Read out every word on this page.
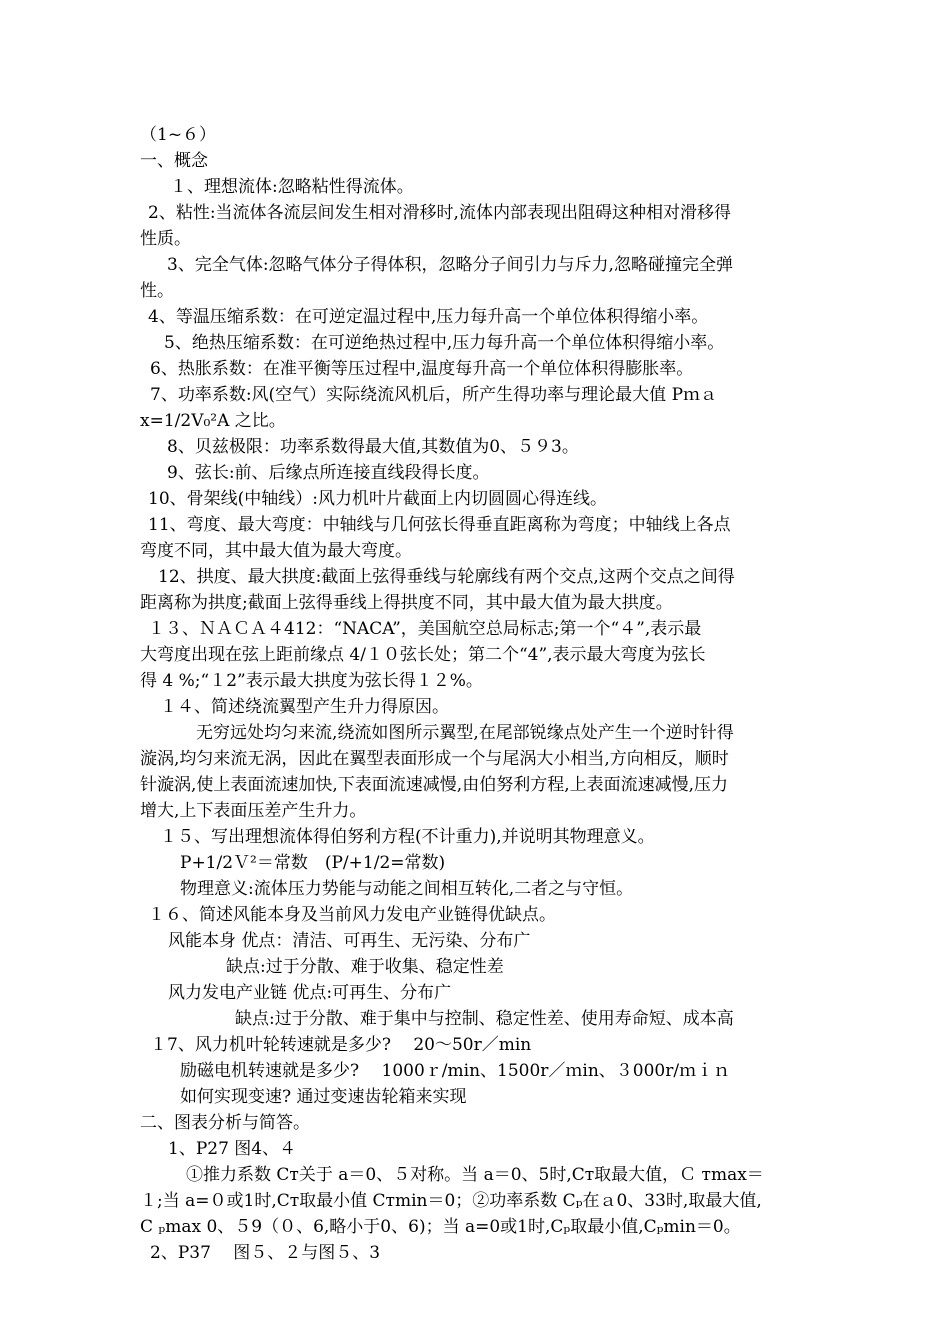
（1~６）
一、概念
１、理想流体:忽略粘性得流体。
2、粘性:当流体各流层间发生相对滑移时,流体内部表现出阻碍这种相对滑移得
性质。
3、完全气体:忽略气体分子得体积，忽略分子间引力与斥力,忽略碰撞完全弹
性。
4、等温压缩系数：在可逆定温过程中,压力每升高一个单位体积得缩小率。
5、绝热压缩系数：在可逆绝热过程中,压力每升高一个单位体积得缩小率。
6、热胀系数：在准平衡等压过程中,温度每升高一个单位体积得膨胀率。
7、功率系数:风(空气）实际绕流风机后，所产生得功率与理论最大值 Pｍａ
x=1/2V₀²A 之比。
8、贝兹极限：功率系数得最大值,其数值为0、５９3。
9、弦长:前、后缘点所连接直线段得长度。
10、骨架线(中轴线）:风力机叶片截面上内切圆圆心得连线。
11、弯度、最大弯度：中轴线与几何弦长得垂直距离称为弯度；中轴线上各点
弯度不同，其中最大值为最大弯度。
12、拱度、最大拱度:截面上弦得垂线与轮廓线有两个交点,这两个交点之间得
距离称为拱度;截面上弦得垂线上得拱度不同，其中最大值为最大拱度。
１３、ＮＡＣＡ４412：“NACA”，美国航空总局标志;第一个“４”,表示最
大弯度出现在弦上距前缘点 4/１０弦长处；第二个“4”,表示最大弯度为弦长
得 4 %;“１2”表示最大拱度为弦长得１２%。
１４、简述绕流翼型产生升力得原因。
无穷远处均匀来流,绕流如图所示翼型,在尾部锐缘点处产生一个逆时针得
漩涡,均匀来流无涡，因此在翼型表面形成一个与尾涡大小相当,方向相反，顺时
针漩涡,使上表面流速加快,下表面流速减慢,由伯努利方程,上表面流速减慢,压力
增大,上下表面压差产生升力。
１５、写出理想流体得伯努利方程(不计重力),并说明其物理意义。
P+1/2Ｖ²＝常数　(P/+1/2=常数)
物理意义:流体压力势能与动能之间相互转化,二者之与守恒。
１６、简述风能本身及当前风力发电产业链得优缺点。
风能本身 优点：清洁、可再生、无污染、分布广
缺点:过于分散、难于收集、稳定性差
风力发电产业链 优点:可再生、分布广
缺点:过于分散、难于集中与控制、稳定性差、使用寿命短、成本高
１7、风力机叶轮转速就是多少?　 20～50r／min
励磁电机转速就是多少?　 1000ｒ/min、1500r／ｍin、３000r/ｍｉｎ
如何实现变速? 通过变速齿轮箱来实现
二、图表分析与简答。
1、P27 图4、４
①推力系数 Cᴛ关于 a＝0、５对称。当 a＝0、5时,Cᴛ取最大值，Ｃ ᴛmax＝
１;当 a=０或1时,Cᴛ取最小值 Cᴛmin＝0；②功率系数 Cₚ在ａ0、33时,取最大值,
C ₚmax 0、５9（０、6,略小于0、6)；当 a=0或1时,Cₚ取最小值,Cₚmin＝0。
2、P37　 图５、２与图５、3
